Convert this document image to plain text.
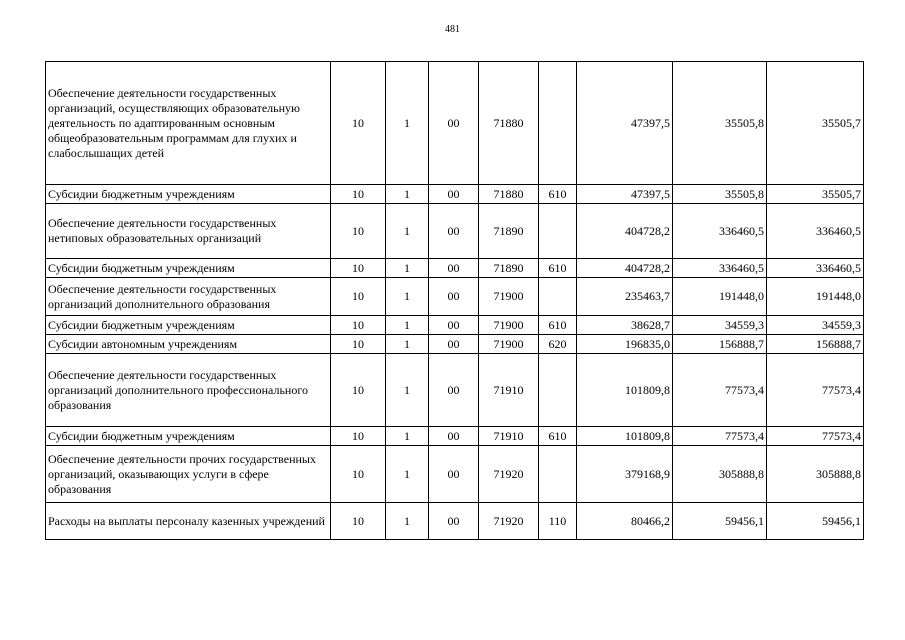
481
Обеспечение деятельности государственных организаций, осуществляющих образовательную деятельность по адаптированным основным общеобразовательным программам для глухих и слабослышащих детей	10	1	00	71880		47397,5	35505,8	35505,7
Субсидии бюджетным учреждениям	10	1	00	71880	610	47397,5	35505,8	35505,7
Обеспечение деятельности государственных нетиповых образовательных организаций	10	1	00	71890		404728,2	336460,5	336460,5
Субсидии бюджетным учреждениям	10	1	00	71890	610	404728,2	336460,5	336460,5
Обеспечение деятельности государственных организаций дополнительного образования	10	1	00	71900		235463,7	191448,0	191448,0
Субсидии бюджетным учреждениям	10	1	00	71900	610	38628,7	34559,3	34559,3
Субсидии автономным учреждениям	10	1	00	71900	620	196835,0	156888,7	156888,7
Обеспечение деятельности государственных организаций дополнительного профессионального образования	10	1	00	71910		101809,8	77573,4	77573,4
Субсидии бюджетным учреждениям	10	1	00	71910	610	101809,8	77573,4	77573,4
Обеспечение деятельности прочих государственных организаций, оказывающих услуги в сфере образования	10	1	00	71920		379168,9	305888,8	305888,8
Расходы на выплаты персоналу казенных учреждений	10	1	00	71920	110	80466,2	59456,1	59456,1
